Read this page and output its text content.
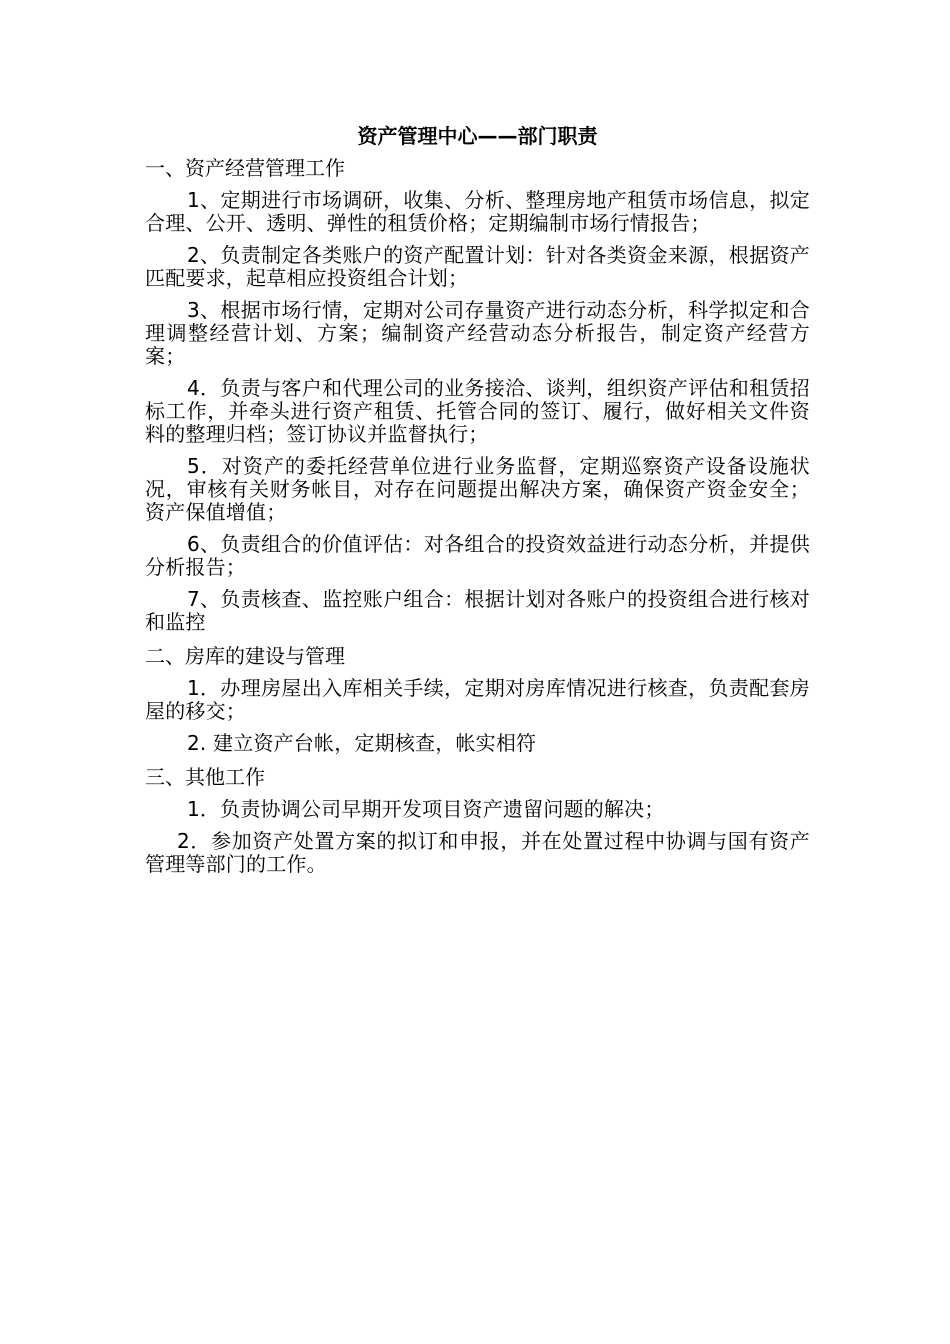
资产管理中心——部门职责
一、资产经营管理工作

1、定期进行市场调研，收集、分析、整理房地产租赁市场信息，拟定合理、公开、透明、弹性的租赁价格；定期编制市场行情报告；

2、负责制定各类账户的资产配置计划：针对各类资金来源，根据资产匹配要求，起草相应投资组合计划；

3、根据市场行情，定期对公司存量资产进行动态分析，科学拟定和合理调整经营计划、方案；编制资产经营动态分析报告，制定资产经营方案；

4．负责与客户和代理公司的业务接洽、谈判，组织资产评估和租赁招标工作，并牵头进行资产租赁、托管合同的签订、履行，做好相关文件资料的整理归档；签订协议并监督执行；

5．对资产的委托经营单位进行业务监督，定期巡察资产设备设施状况，审核有关财务帐目，对存在问题提出解决方案，确保资产资金安全；资产保值增值；

6、负责组合的价值评估：对各组合的投资效益进行动态分析，并提供分析报告；

7、负责核查、监控账户组合：根据计划对各账户的投资组合进行核对和监控

二、房库的建设与管理

1．办理房屋出入库相关手续，定期对房库情况进行核查，负责配套房屋的移交；

2. 建立资产台帐，定期核查，帐实相符

三、其他工作

1．负责协调公司早期开发项目资产遗留问题的解决；

2．参加资产处置方案的拟订和申报，并在处置过程中协调与国有资产管理等部门的工作。
